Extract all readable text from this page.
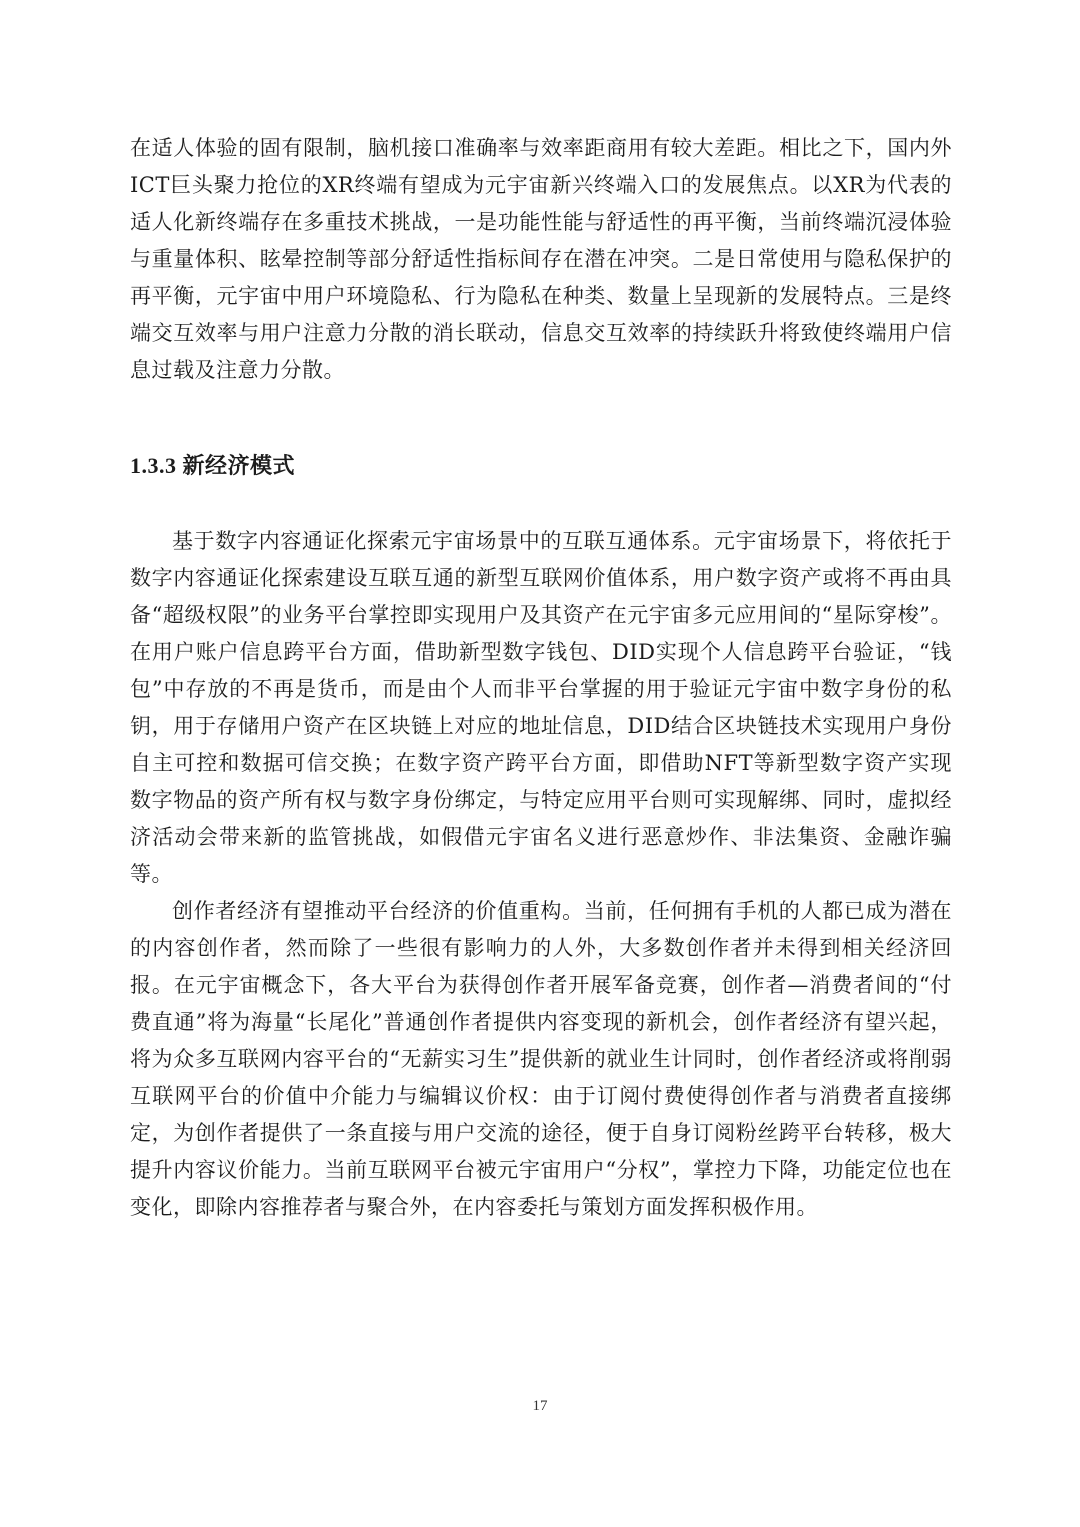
在适人体验的固有限制，脑机接口准确率与效率距商用有较大差距。相比之下，国内外ICT巨头聚力抢位的XR终端有望成为元宇宙新兴终端入口的发展焦点。以XR为代表的适人化新终端存在多重技术挑战，一是功能性能与舒适性的再平衡，当前终端沉浸体验与重量体积、眩晕控制等部分舒适性指标间存在潜在冲突。二是日常使用与隐私保护的再平衡，元宇宙中用户环境隐私、行为隐私在种类、数量上呈现新的发展特点。三是终端交互效率与用户注意力分散的消长联动，信息交互效率的持续跃升将致使终端用户信息过载及注意力分散。

1.3.3 新经济模式

基于数字内容通证化探索元宇宙场景中的互联互通体系。元宇宙场景下，将依托于数字内容通证化探索建设互联互通的新型互联网价值体系，用户数字资产或将不再由具备“超级权限”的业务平台掌控即实现用户及其资产在元宇宙多元应用间的“星际穿梭”。在用户账户信息跨平台方面，借助新型数字钱包、DID实现个人信息跨平台验证，“钱包”中存放的不再是货币，而是由个人而非平台掌握的用于验证元宇宙中数字身份的私钥，用于存储用户资产在区块链上对应的地址信息，DID结合区块链技术实现用户身份自主可控和数据可信交换；在数字资产跨平台方面，即借助NFT等新型数字资产实现数字物品的资产所有权与数字身份绑定，与特定应用平台则可实现解绑、同时，虚拟经济活动会带来新的监管挑战，如假借元宇宙名义进行恶意炒作、非法集资、金融诈骗等。

创作者经济有望推动平台经济的价值重构。当前，任何拥有手机的人都已成为潜在的内容创作者，然而除了一些很有影响力的人外，大多数创作者并未得到相关经济回报。在元宇宙概念下，各大平台为获得创作者开展军备竞赛，创作者—消费者间的“付费直通”将为海量“长尾化”普通创作者提供内容变现的新机会，创作者经济有望兴起，将为众多互联网内容平台的“无薪实习生”提供新的就业生计同时，创作者经济或将削弱互联网平台的价值中介能力与编辑议价权：由于订阅付费使得创作者与消费者直接绑定，为创作者提供了一条直接与用户交流的途径，便于自身订阅粉丝跨平台转移，极大提升内容议价能力。当前互联网平台被元宇宙用户“分权”，掌控力下降，功能定位也在变化，即除内容推荐者与聚合外，在内容委托与策划方面发挥积极作用。

17
